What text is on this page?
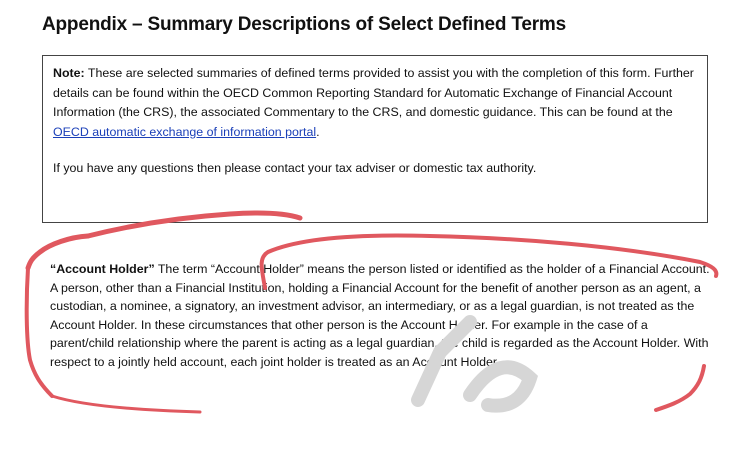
Appendix – Summary Descriptions of Select Defined Terms

Note: These are selected summaries of defined terms provided to assist you with the completion of this form. Further details can be found within the OECD Common Reporting Standard for Automatic Exchange of Financial Account Information (the CRS), the associated Commentary to the CRS, and domestic guidance. This can be found at the OECD automatic exchange of information portal.

If you have any questions then please contact your tax adviser or domestic tax authority.

“Account Holder” The term “Account Holder” means the person listed or identified as the holder of a Financial Account. A person, other than a Financial Institution, holding a Financial Account for the benefit of another person as an agent, a custodian, a nominee, a signatory, an investment advisor, an intermediary, or as a legal guardian, is not treated as the Account Holder. In these circumstances that other person is the Account Holder. For example in the case of a parent/child relationship where the parent is acting as a legal guardian, the child is regarded as the Account Holder. With respect to a jointly held account, each joint holder is treated as an Account Holder.
